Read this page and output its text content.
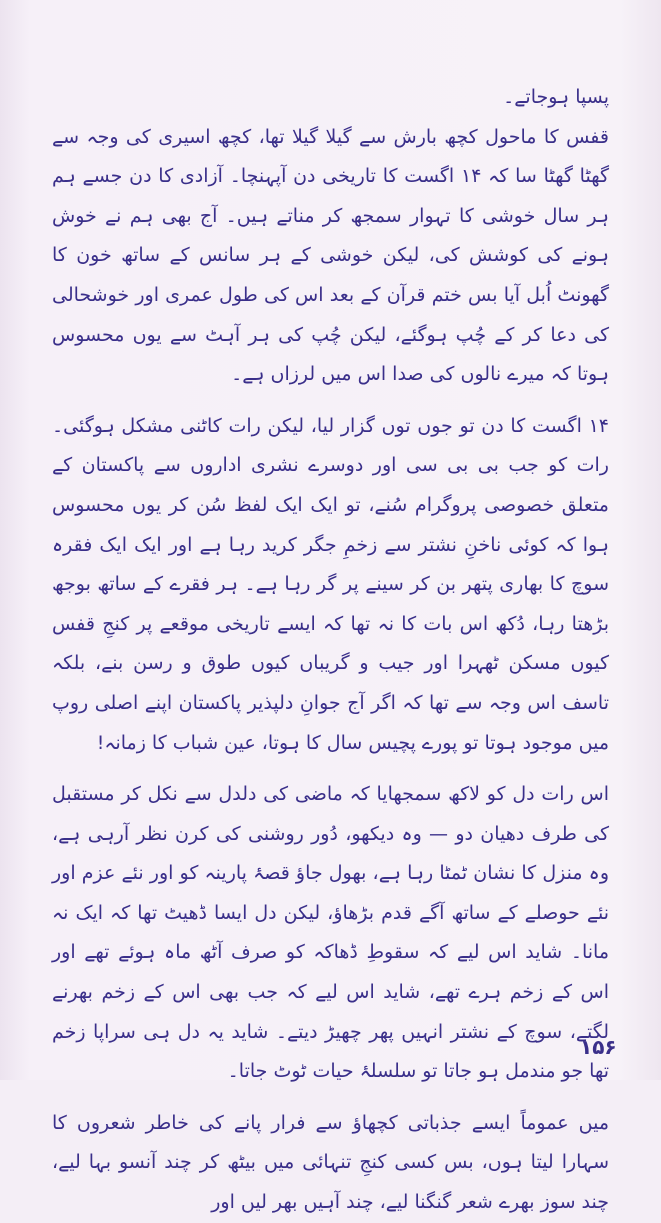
پسپا ہوجاتے۔

قفس کا ماحول کچھ بارش سے گیلا گیلا تھا، کچھ اسیری کی وجہ سے گھٹا گھٹا سا کہ ۱۴ اگست کا تاریخی دن آپہنچا۔ آزادی کا دن جسے ہم ہر سال خوشی کا تہوار سمجھ کر مناتے ہیں۔ آج بھی ہم نے خوش ہونے کی کوشش کی، لیکن خوشی کے ہر سانس کے ساتھ خون کا گھونٹ اُبل آیا بس ختم قرآن کے بعد اس کی طول عمری اور خوشحالی کی دعا کر کے چُپ ہوگئے، لیکن چُپ کی ہر آہٹ سے یوں محسوس ہوتا کہ میرے نالوں کی صدا اس میں لرزاں ہے۔

۱۴ اگست کا دن تو جوں توں گزار لیا، لیکن رات کاٹنی مشکل ہوگئی۔ رات کو جب بی بی سی اور دوسرے نشری اداروں سے پاکستان کے متعلق خصوصی پروگرام سُنے، تو ایک ایک لفظ سُن کر یوں محسوس ہوا کہ کوئی ناخنِ نشتر سے زخمِ جگر کرید رہا ہے اور ایک ایک فقرہ سوچ کا بھاری پتھر بن کر سینے پر گر رہا ہے۔ ہر فقرے کے ساتھ بوجھ بڑھتا رہا، دُکھ اس بات کا نہ تھا کہ ایسے تاریخی موقعے پر کنجِ قفس کیوں مسکن ٹھہرا اور جیب و گریباں کیوں طوق و رسن بنے، بلکہ تاسف اس وجہ سے تھا کہ اگر آج جوانِ دلپذیر پاکستان اپنے اصلی روپ میں موجود ہوتا تو پورے پچیس سال کا ہوتا، عین شباب کا زمانہ!

اس رات دل کو لاکھ سمجھایا کہ ماضی کی دلدل سے نکل کر مستقبل کی طرف دھیان دو — وہ دیکھو، دُور روشنی کی کرن نظر آرہی ہے، وہ منزل کا نشان ٹمٹا رہا ہے، بھول جاؤ قصۂ پارینہ کو اور نئے عزم اور نئے حوصلے کے ساتھ آگے قدم بڑھاؤ، لیکن دل ایسا ڈھیٹ تھا کہ ایک نہ مانا۔ شاید اس لیے کہ سقوطِ ڈھاکہ کو صرف آٹھ ماہ ہوئے تھے اور اس کے زخم ہرے تھے، شاید اس لیے کہ جب بھی اس کے زخم بھرنے لگتے، سوچ کے نشتر انہیں پھر چھیڑ دیتے۔ شاید یہ دل ہی سراپا زخم تھا جو مندمل ہو جاتا تو سلسلۂ حیات ٹوٹ جاتا۔

میں عموماً ایسے جذباتی کچھاؤ سے فرار پانے کی خاطر شعروں کا سہارا لیتا ہوں، بس کسی کنجِ تنہائی میں بیٹھ کر چند آنسو بہا لیے، چند سوز بھرے شعر گنگنا لیے، چند آہیں بھر لیں اور

۱۵۶
